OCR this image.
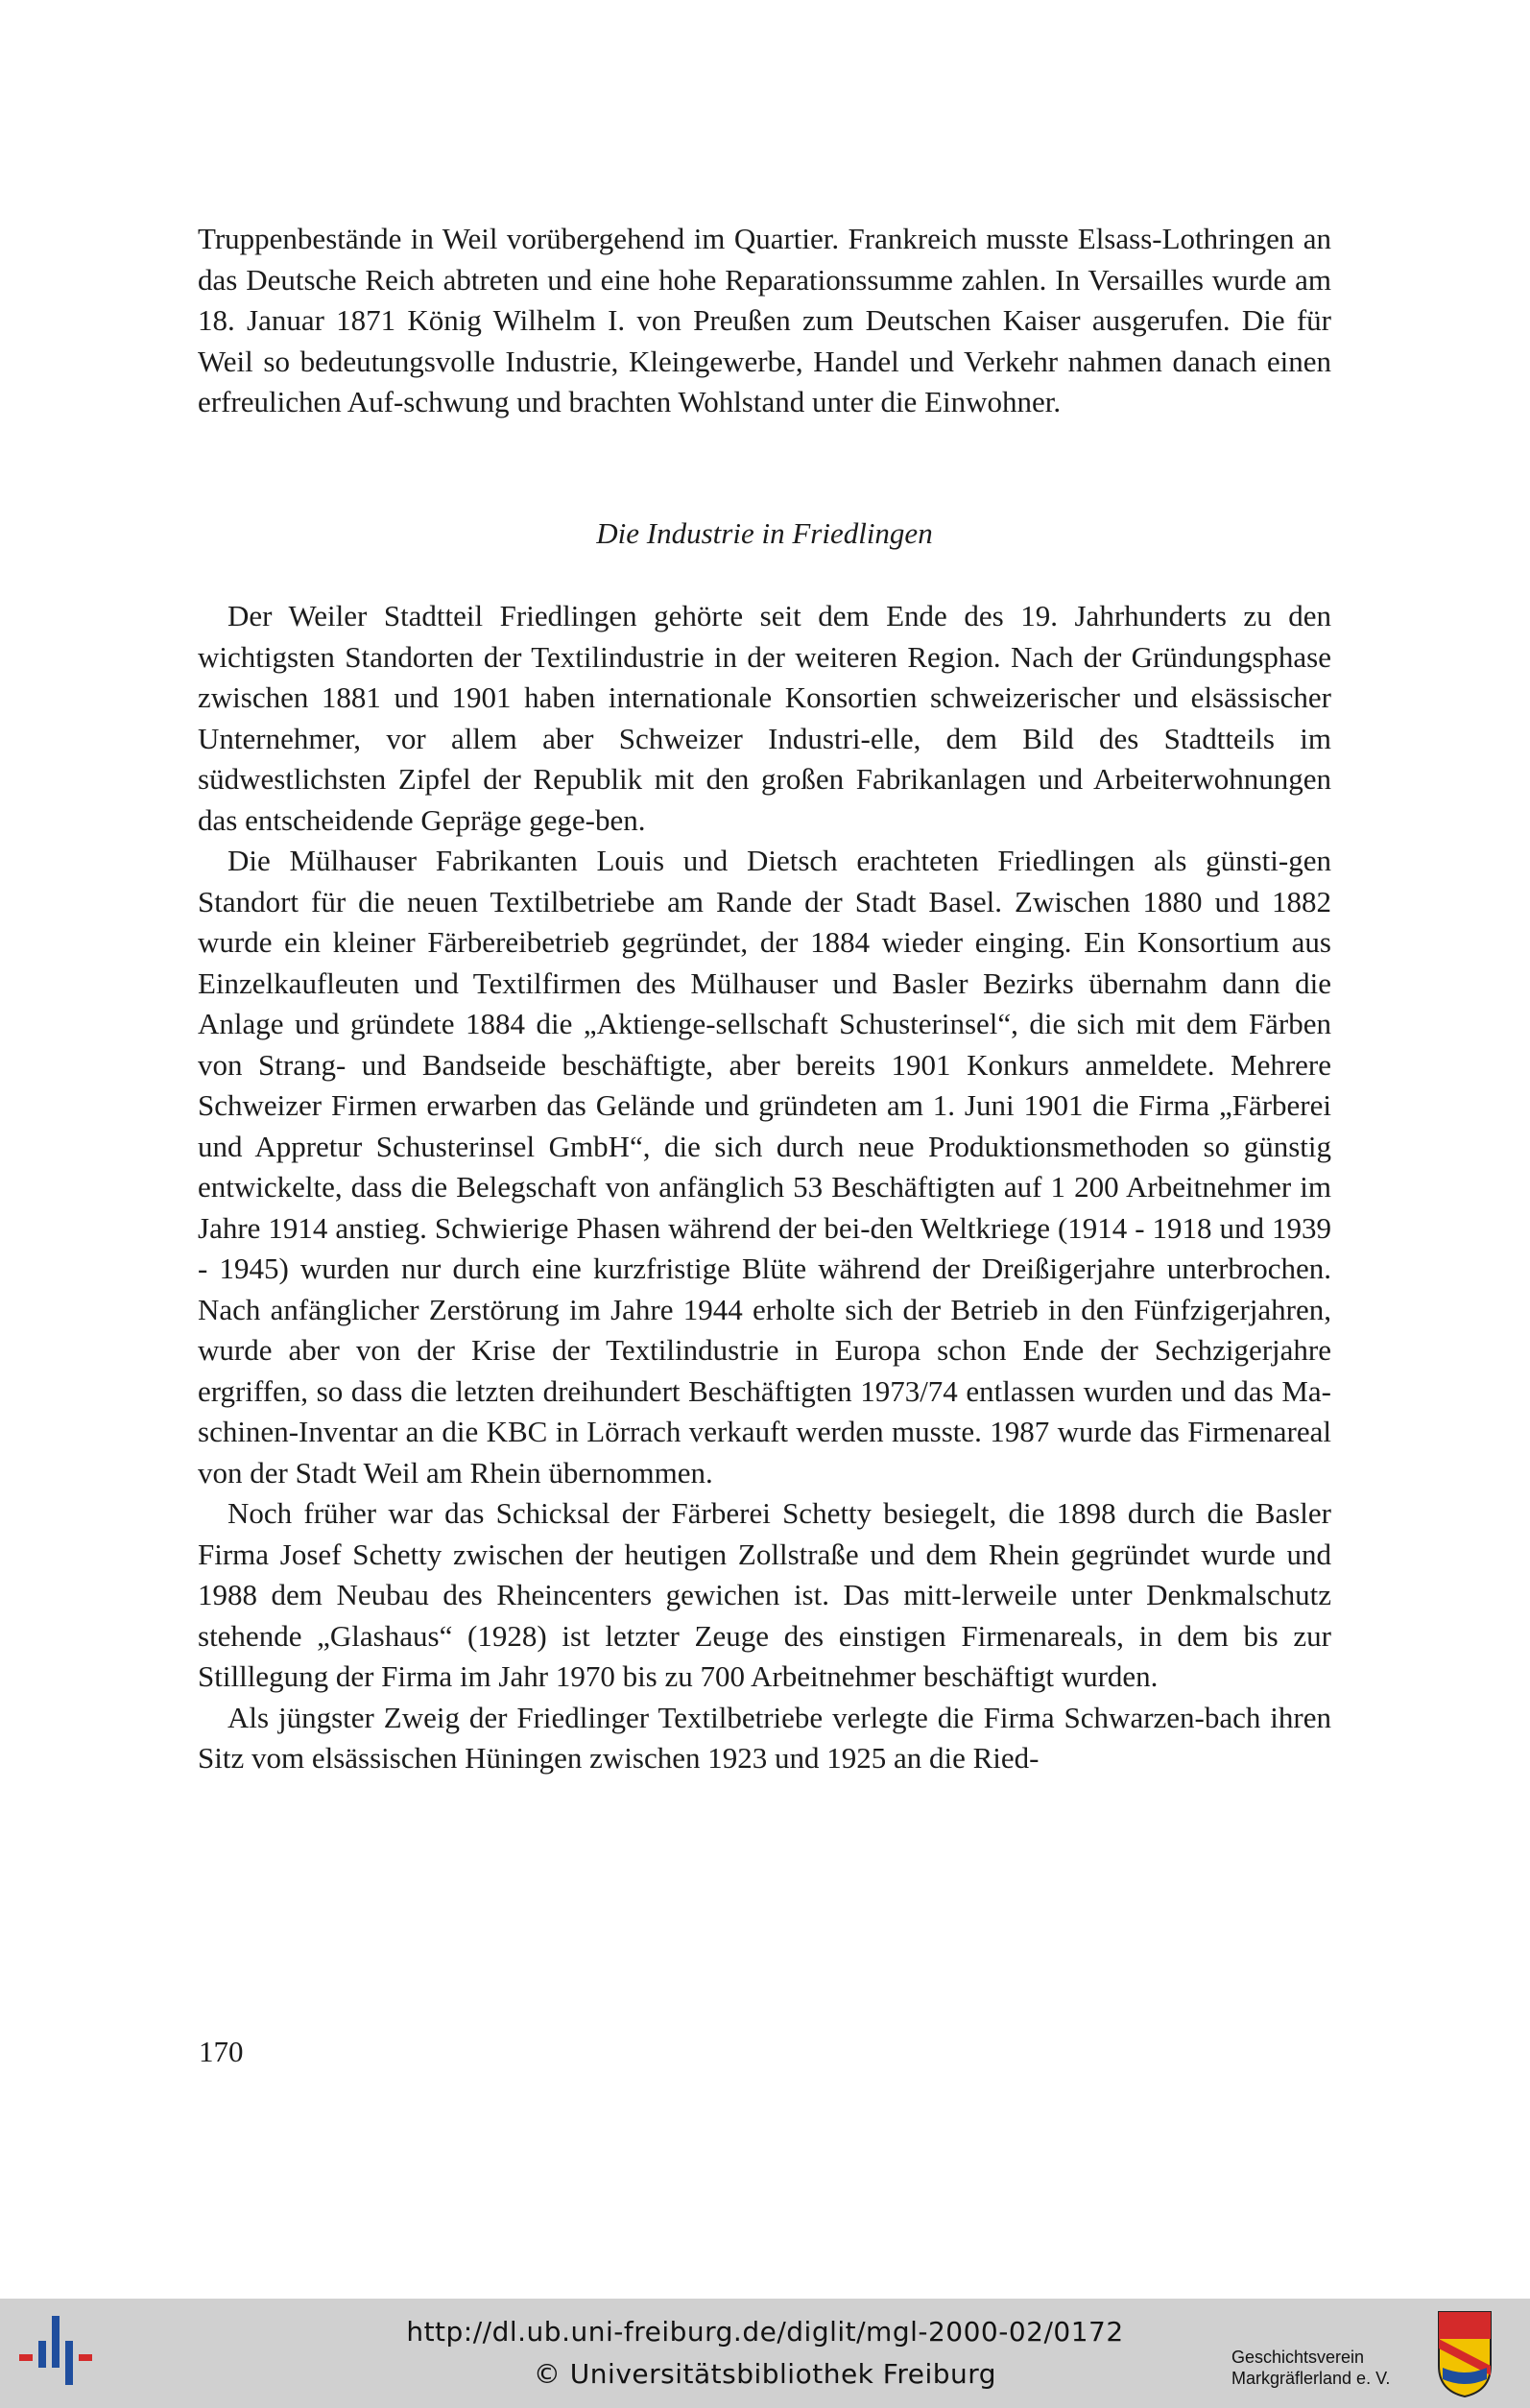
Truppenbestände in Weil vorübergehend im Quartier. Frankreich musste Elsass-Lothringen an das Deutsche Reich abtreten und eine hohe Reparationssumme zahlen. In Versailles wurde am 18. Januar 1871 König Wilhelm I. von Preußen zum Deutschen Kaiser ausgerufen. Die für Weil so bedeutungsvolle Industrie, Kleingewerbe, Handel und Verkehr nahmen danach einen erfreulichen Auf-schwung und brachten Wohlstand unter die Einwohner.

Die Industrie in Friedlingen

Der Weiler Stadtteil Friedlingen gehörte seit dem Ende des 19. Jahrhunderts zu den wichtigsten Standorten der Textilindustrie in der weiteren Region. Nach der Gründungsphase zwischen 1881 und 1901 haben internationale Konsortien schweizerischer und elsässischer Unternehmer, vor allem aber Schweizer Industri-elle, dem Bild des Stadtteils im südwestlichsten Zipfel der Republik mit den großen Fabrikanlagen und Arbeiterwohnungen das entscheidende Gepräge gege-ben.

Die Mülhauser Fabrikanten Louis und Dietsch erachteten Friedlingen als günsti-gen Standort für die neuen Textilbetriebe am Rande der Stadt Basel. Zwischen 1880 und 1882 wurde ein kleiner Färbereibetrieb gegründet, der 1884 wieder einging. Ein Konsortium aus Einzelkaufleuten und Textilfirmen des Mülhauser und Basler Bezirks übernahm dann die Anlage und gründete 1884 die „Aktienge-sellschaft Schusterinsel“, die sich mit dem Färben von Strang- und Bandseide beschäftigte, aber bereits 1901 Konkurs anmeldete. Mehrere Schweizer Firmen erwarben das Gelände und gründeten am 1. Juni 1901 die Firma „Färberei und Appretur Schusterinsel GmbH“, die sich durch neue Produktionsmethoden so günstig entwickelte, dass die Belegschaft von anfänglich 53 Beschäftigten auf 1 200 Arbeitnehmer im Jahre 1914 anstieg. Schwierige Phasen während der bei-den Weltkriege (1914 - 1918 und 1939 - 1945) wurden nur durch eine kurzfristige Blüte während der Dreißigerjahre unterbrochen. Nach anfänglicher Zerstörung im Jahre 1944 erholte sich der Betrieb in den Fünfzigerjahren, wurde aber von der Krise der Textilindustrie in Europa schon Ende der Sechzigerjahre ergriffen, so dass die letzten dreihundert Beschäftigten 1973/74 entlassen wurden und das Ma-schinen-Inventar an die KBC in Lörrach verkauft werden musste. 1987 wurde das Firmenareal von der Stadt Weil am Rhein übernommen.

Noch früher war das Schicksal der Färberei Schetty besiegelt, die 1898 durch die Basler Firma Josef Schetty zwischen der heutigen Zollstraße und dem Rhein gegründet wurde und 1988 dem Neubau des Rheincenters gewichen ist. Das mitt-lerweile unter Denkmalschutz stehende „Glashaus“ (1928) ist letzter Zeuge des einstigen Firmenareals, in dem bis zur Stilllegung der Firma im Jahr 1970 bis zu 700 Arbeitnehmer beschäftigt wurden.

Als jüngster Zweig der Friedlinger Textilbetriebe verlegte die Firma Schwarzen-bach ihren Sitz vom elsässischen Hüningen zwischen 1923 und 1925 an die Ried-

170
http://dl.ub.uni-freiburg.de/diglit/mgl-2000-02/0172
© Universitätsbibliothek Freiburg
Geschichtsverein
Markgräflerland e. V.
